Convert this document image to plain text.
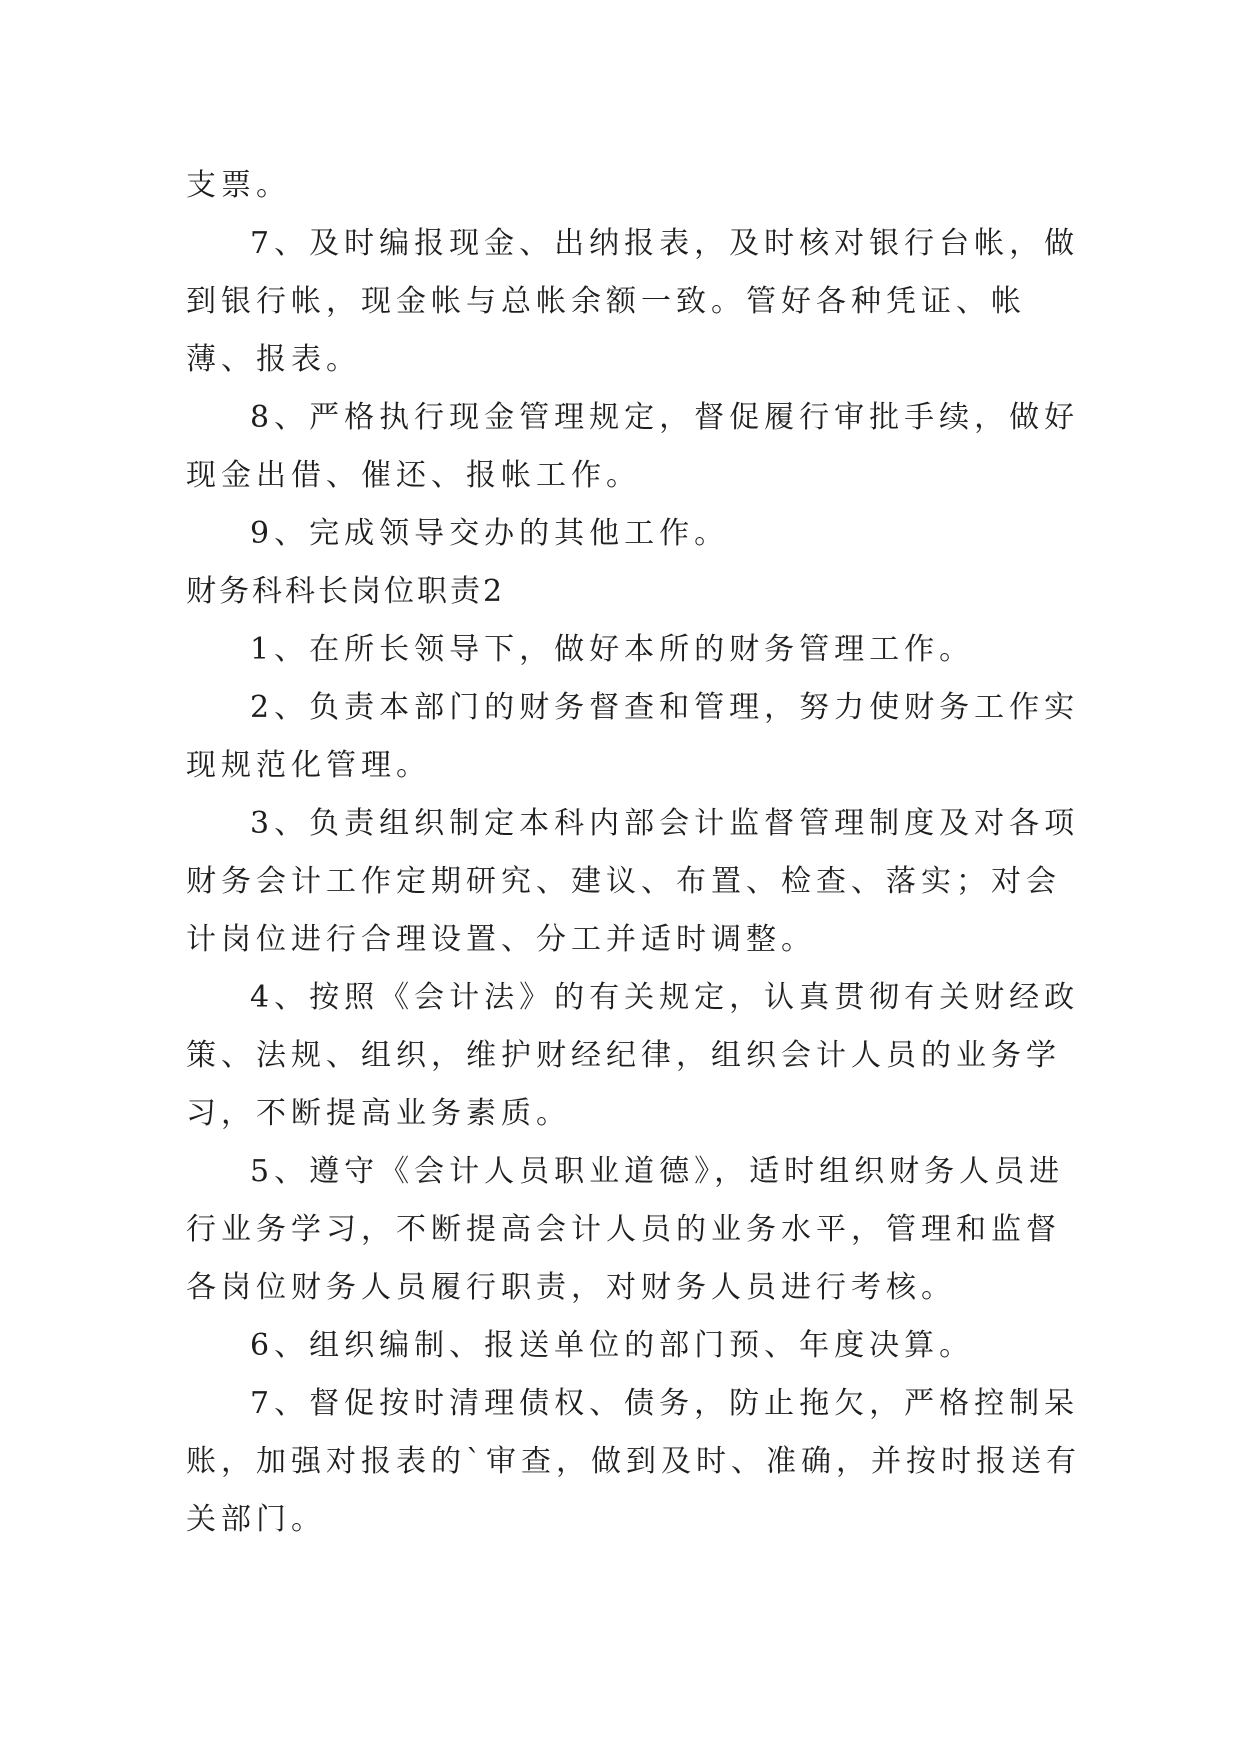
支票。

7、及时编报现金、出纳报表，及时核对银行台帐，做到银行帐，现金帐与总帐余额一致。管好各种凭证、帐薄、报表。

8、严格执行现金管理规定，督促履行审批手续，做好现金出借、催还、报帐工作。

9、完成领导交办的其他工作。

财务科科长岗位职责2

1、在所长领导下，做好本所的财务管理工作。

2、负责本部门的财务督查和管理，努力使财务工作实现规范化管理。

3、负责组织制定本科内部会计监督管理制度及对各项财务会计工作定期研究、建议、布置、检查、落实；对会计岗位进行合理设置、分工并适时调整。

4、按照《会计法》的有关规定，认真贯彻有关财经政策、法规、组织，维护财经纪律，组织会计人员的业务学习，不断提高业务素质。

5、遵守《会计人员职业道德》，适时组织财务人员进行业务学习，不断提高会计人员的业务水平，管理和监督各岗位财务人员履行职责，对财务人员进行考核。

6、组织编制、报送单位的部门预、年度决算。

7、督促按时清理债权、债务，防止拖欠，严格控制呆账，加强对报表的`审查，做到及时、准确，并按时报送有关部门。
